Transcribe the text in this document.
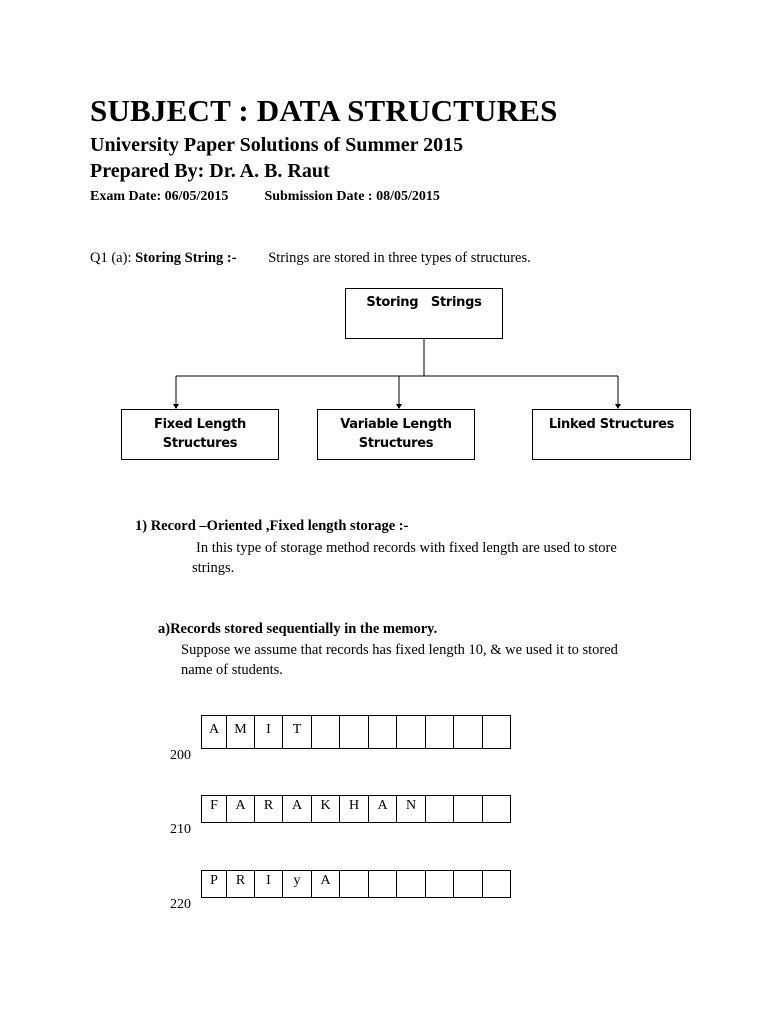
SUBJECT : DATA STRUCTURES
University Paper Solutions of Summer 2015
Prepared By: Dr. A. B. Raut
Exam Date: 06/05/2015	Submission Date : 08/05/2015
Q1 (a): Storing String :- Strings are stored in three types of structures.
Storing   Strings
Fixed Length
Structures
Variable Length
Structures
Linked Structures
1) Record –Oriented ,Fixed length storage :-
In this type of storage method records with fixed length are used to store
strings.
a)Records stored sequentially in the memory.
Suppose we assume that records has fixed length 10, & we used it to stored
name of students.
A	M	I	T
200
F	A	R	A	K	H	A	N
210
P	R	I	y	A
220
